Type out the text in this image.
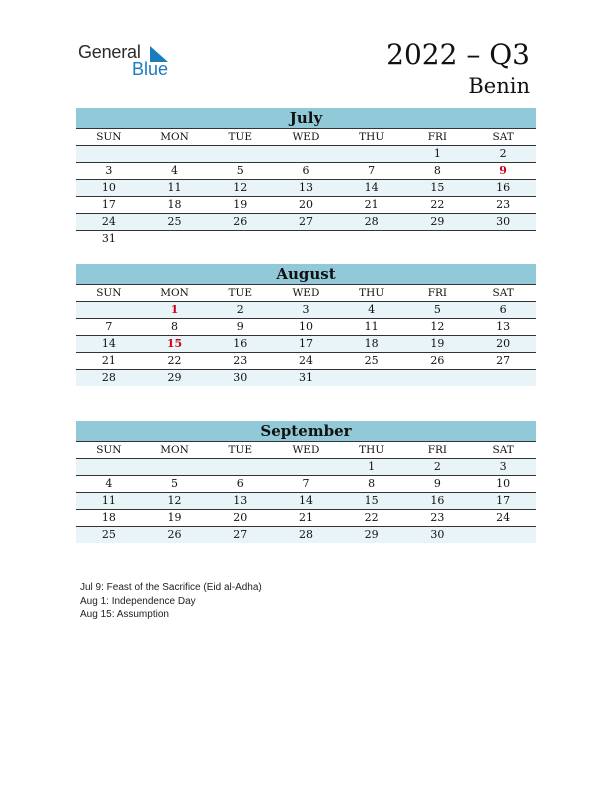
General
Blue	2022 – Q3
Benin
July
SUN	MON	TUE	WED	THU	FRI	SAT
					1	2
3	4	5	6	7	8	9
10	11	12	13	14	15	16
17	18	19	20	21	22	23
24	25	26	27	28	29	30
31						
August
SUN	MON	TUE	WED	THU	FRI	SAT
	1	2	3	4	5	6
7	8	9	10	11	12	13
14	15	16	17	18	19	20
21	22	23	24	25	26	27
28	29	30	31			
September
SUN	MON	TUE	WED	THU	FRI	SAT
				1	2	3
4	5	6	7	8	9	10
11	12	13	14	15	16	17
18	19	20	21	22	23	24
25	26	27	28	29	30	
Jul 9: Feast of the Sacrifice (Eid al-Adha)
Aug 1: Independence Day
Aug 15: Assumption
